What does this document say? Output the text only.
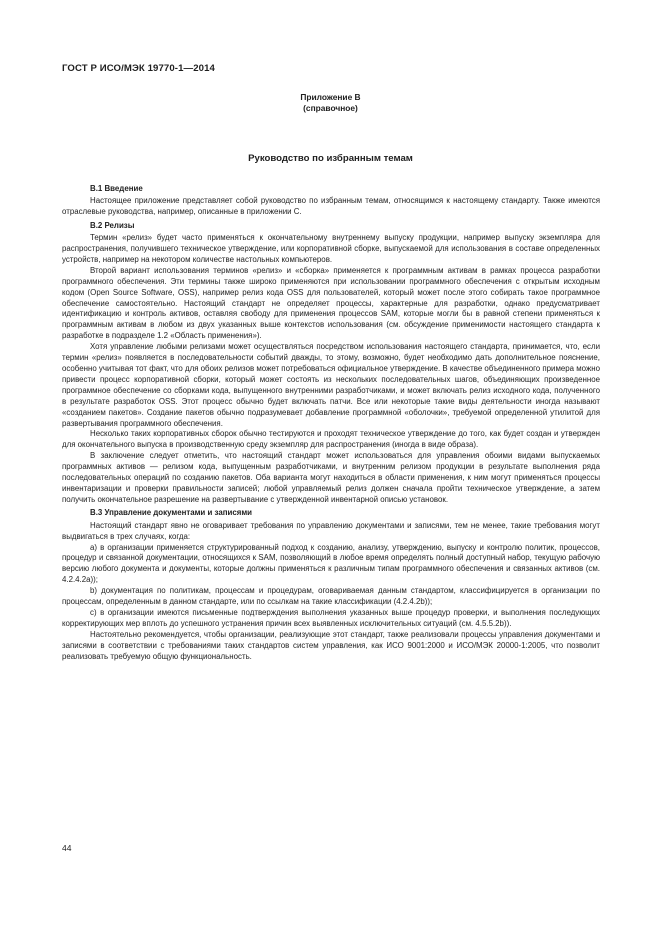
ГОСТ Р ИСО/МЭК 19770-1—2014
Приложение В
(справочное)
Руководство по избранным темам
В.1 Введение

Настоящее приложение представляет собой руководство по избранным темам, относящимся к настоящему стандарту. Также имеются отраслевые руководства, например, описанные в приложении С.

В.2 Релизы

Термин «релиз» будет часто применяться к окончательному внутреннему выпуску продукции, например выпуску экземпляра для распространения, получившего техническое утверждение, или корпоративной сборке, выпускаемой для использования в составе определенных устройств, например на некотором количестве настольных компьютеров.

Второй вариант использования терминов «релиз» и «сборка» применяется к программным активам в рамках процесса разработки программного обеспечения. Эти термины также широко применяются при использовании программного обеспечения с открытым исходным кодом (Open Source Software, OSS), например релиз кода OSS для пользователей, который может после этого собирать такое программное обеспечение самостоятельно. Настоящий стандарт не определяет процессы, характерные для разработки, однако предусматривает идентификацию и контроль активов, оставляя свободу для применения процессов SAM, которые могли бы в равной степени применяться к программным активам в любом из двух указанных выше контекстов использования (см. обсуждение применимости настоящего стандарта к разработке в подразделе 1.2 «Область применения»).

Хотя управление любыми релизами может осуществляться посредством использования настоящего стандарта, принимается, что, если термин «релиз» появляется в последовательности событий дважды, то этому, возможно, будет необходимо дать дополнительное пояснение, особенно учитывая тот факт, что для обоих релизов может потребоваться официальное утверждение. В качестве объединенного примера можно привести процесс корпоративной сборки, который может состоять из нескольких последовательных шагов, объединяющих произведенное программное обеспечение со сборками кода, выпущенного внутренними разработчиками, и может включать релиз исходного кода, полученного в результате разработок OSS. Этот процесс обычно будет включать патчи. Все или некоторые такие виды деятельности иногда называют «созданием пакетов». Создание пакетов обычно подразумевает добавление программной «оболочки», требуемой определенной утилитой для развертывания программного обеспечения.

Несколько таких корпоративных сборок обычно тестируются и проходят техническое утверждение до того, как будет создан и утвержден для окончательного выпуска в производственную среду экземпляр для распространения (иногда в виде образа).

В заключение следует отметить, что настоящий стандарт может использоваться для управления обоими видами выпускаемых программных активов — релизом кода, выпущенным разработчиками, и внутренним релизом продукции в результате выполнения ряда последовательных операций по созданию пакетов. Оба варианта могут находиться в области применения, к ним могут применяться процессы инвентаризации и проверки правильности записей; любой управляемый релиз должен сначала пройти техническое утверждение, а затем получить окончательное разрешение на развертывание с утвержденной инвентарной описью установок.

В.3 Управление документами и записями

Настоящий стандарт явно не оговаривает требования по управлению документами и записями, тем не менее, такие требования могут выдвигаться в трех случаях, когда:

а) в организации применяется структурированный подход к созданию, анализу, утверждению, выпуску и контролю политик, процессов, процедур и связанной документации, относящихся к SAM, позволяющий в любое время определять полный доступный набор, текущую рабочую версию любого документа и документы, которые должны применяться к различным типам программного обеспечения и связанных активов (см. 4.2.4.2а));

b) документация по политикам, процессам и процедурам, оговариваемая данным стандартом, классифицируется в организации по процессам, определенным в данном стандарте, или по ссылкам на такие классификации (4.2.4.2b));

с) в организации имеются письменные подтверждения выполнения указанных выше процедур проверки, и выполнения последующих корректирующих мер вплоть до успешного устранения причин всех выявленных исключительных ситуаций (см. 4.5.5.2b)).

Настоятельно рекомендуется, чтобы организации, реализующие этот стандарт, также реализовали процессы управления документами и записями в соответствии с требованиями таких стандартов систем управления, как ИСО 9001:2000 и ИСО/МЭК 20000-1:2005, что позволит реализовать требуемую общую функциональность.

44
